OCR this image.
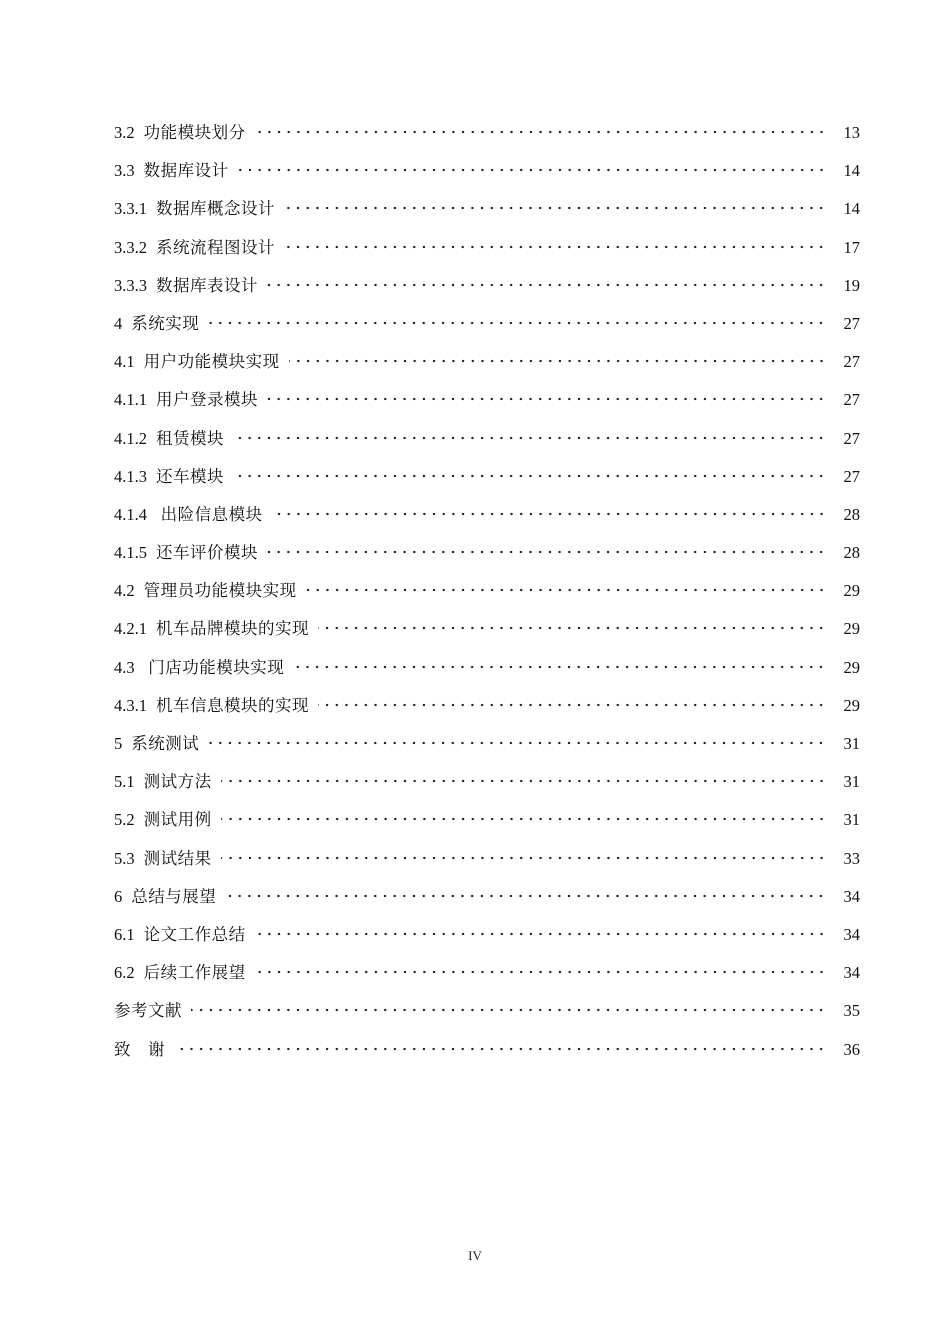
3.2 功能模块划分	13
3.3 数据库设计	14
3.3.1 数据库概念设计	14
3.3.2 系统流程图设计	17
3.3.3 数据库表设计	19
4 系统实现	27
4.1 用户功能模块实现	27
4.1.1 用户登录模块	27
4.1.2 租赁模块	27
4.1.3 还车模块	27
4.1.4 出险信息模块	28
4.1.5 还车评价模块	28
4.2 管理员功能模块实现	29
4.2.1 机车品牌模块的实现	29
4.3 门店功能模块实现	29
4.3.1 机车信息模块的实现	29
5 系统测试	31
5.1 测试方法	31
5.2 测试用例	31
5.3 测试结果	33
6 总结与展望	34
6.1 论文工作总结	34
6.2 后续工作展望	34
参考文献	35
致　谢	36
IV
